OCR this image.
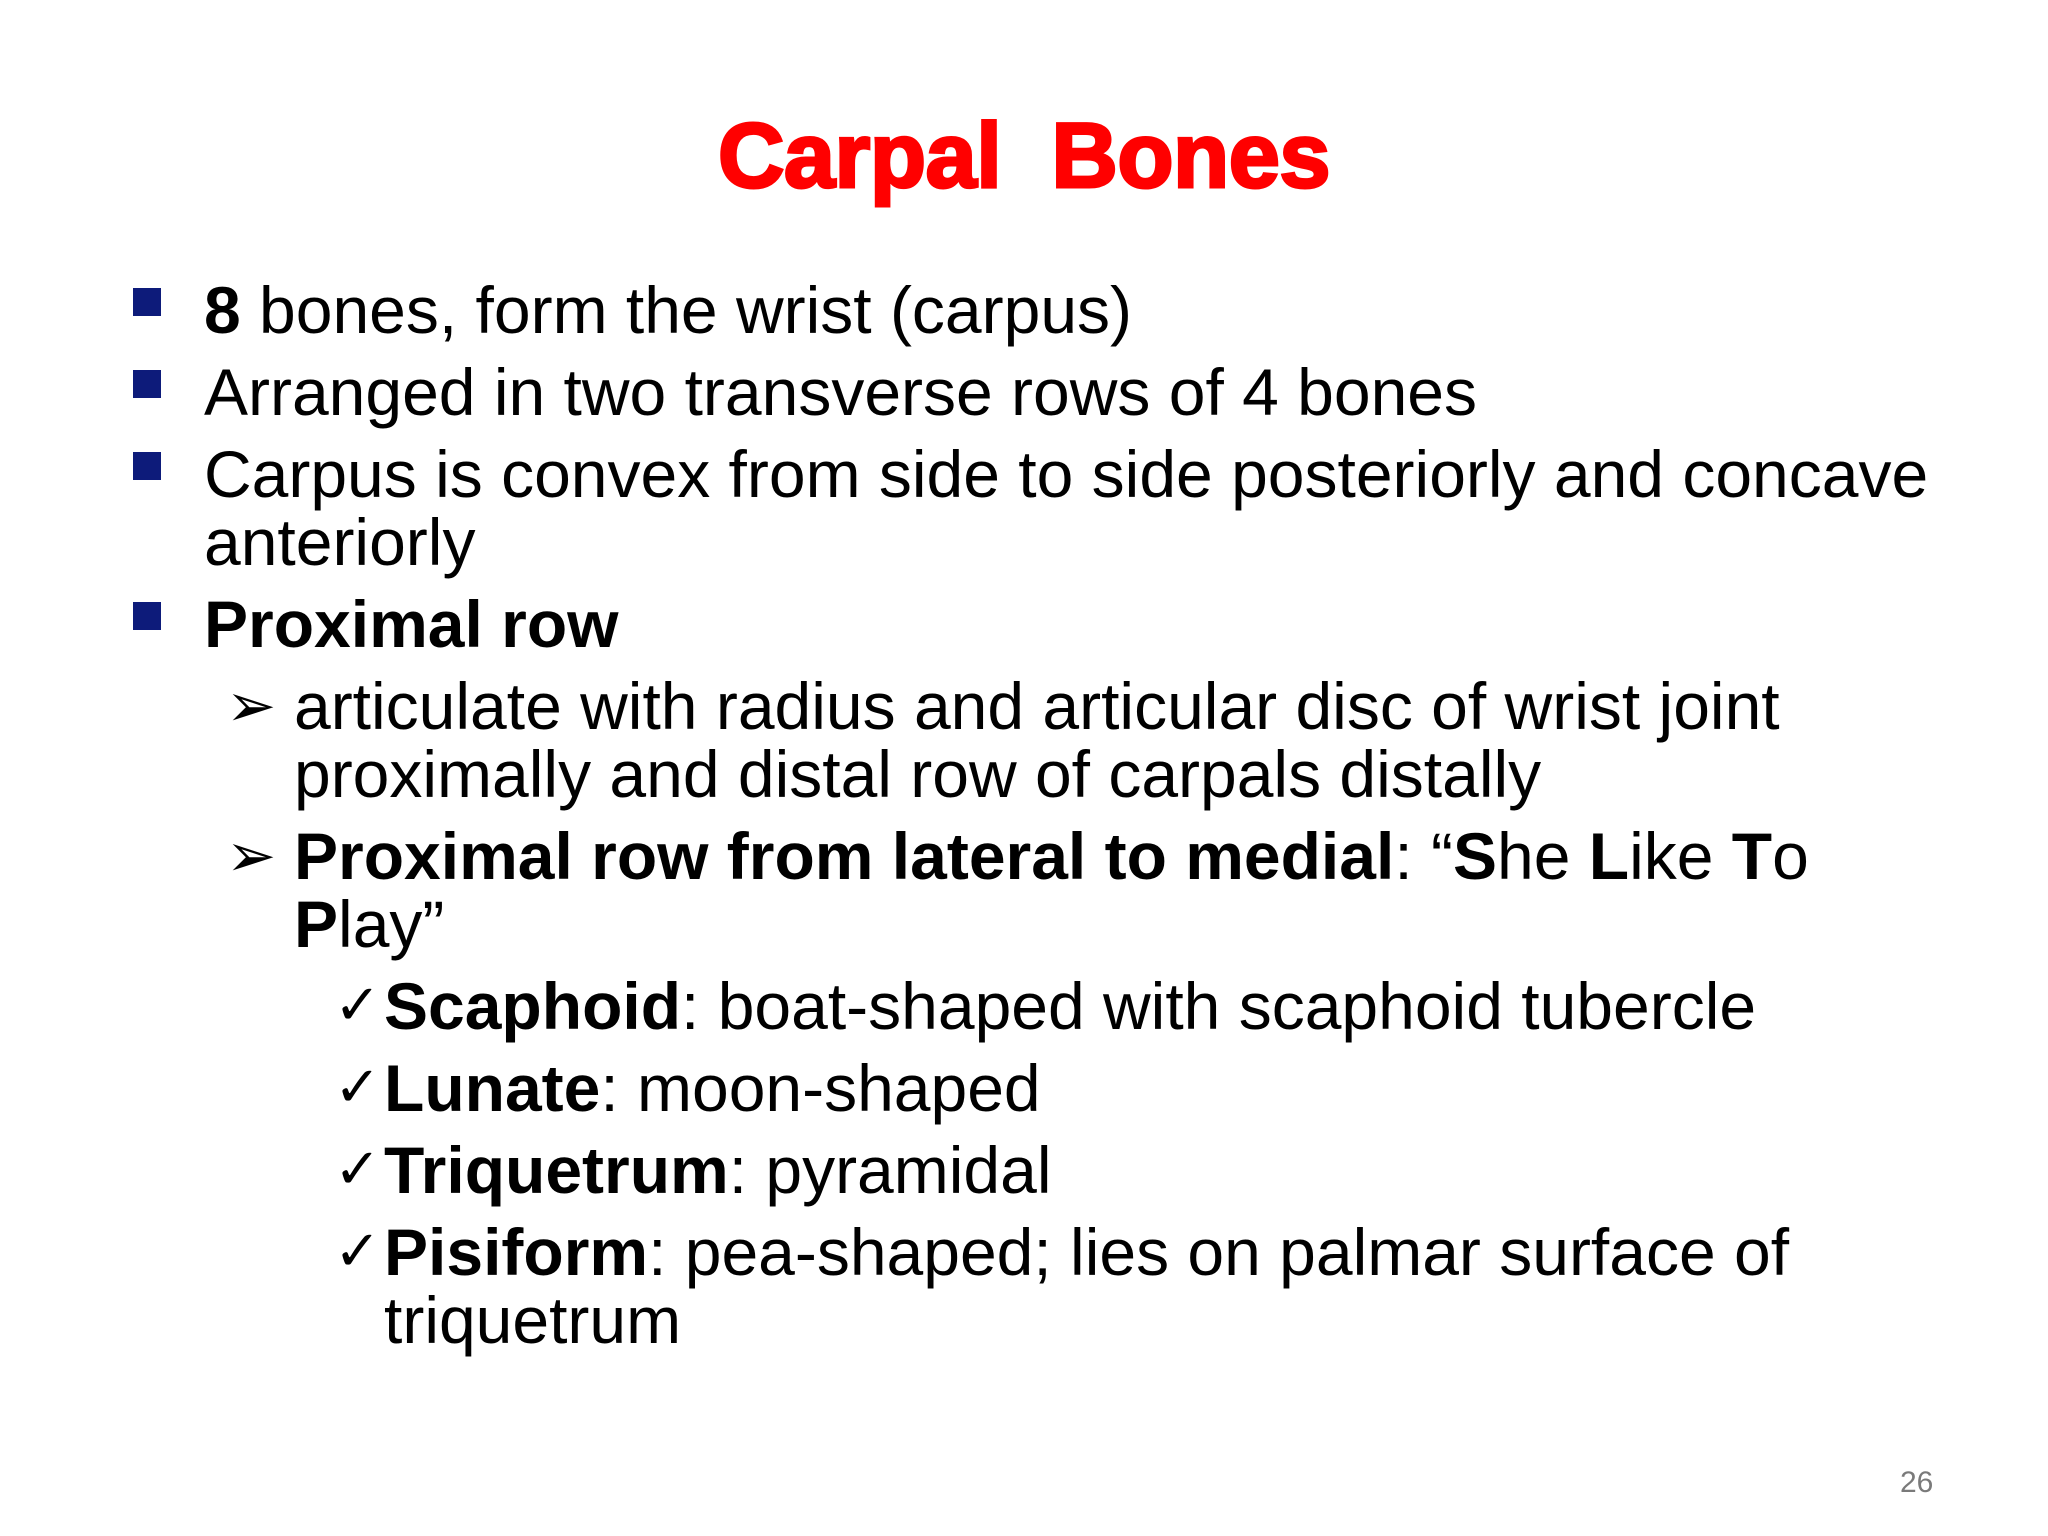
Carpal  Bones

8 bones, form the wrist (carpus)

Arranged in two transverse rows of 4 bones

Carpus is convex from side to side posteriorly and concave anteriorly

Proximal row

➢ articulate with radius and articular disc of wrist joint proximally and distal row of carpals distally

➢ Proximal row from lateral to medial: “She Like To Play”

✓ Scaphoid: boat-shaped with scaphoid tubercle

✓ Lunate: moon-shaped

✓ Triquetrum: pyramidal

✓ Pisiform: pea-shaped; lies on palmar surface of triquetrum

26
